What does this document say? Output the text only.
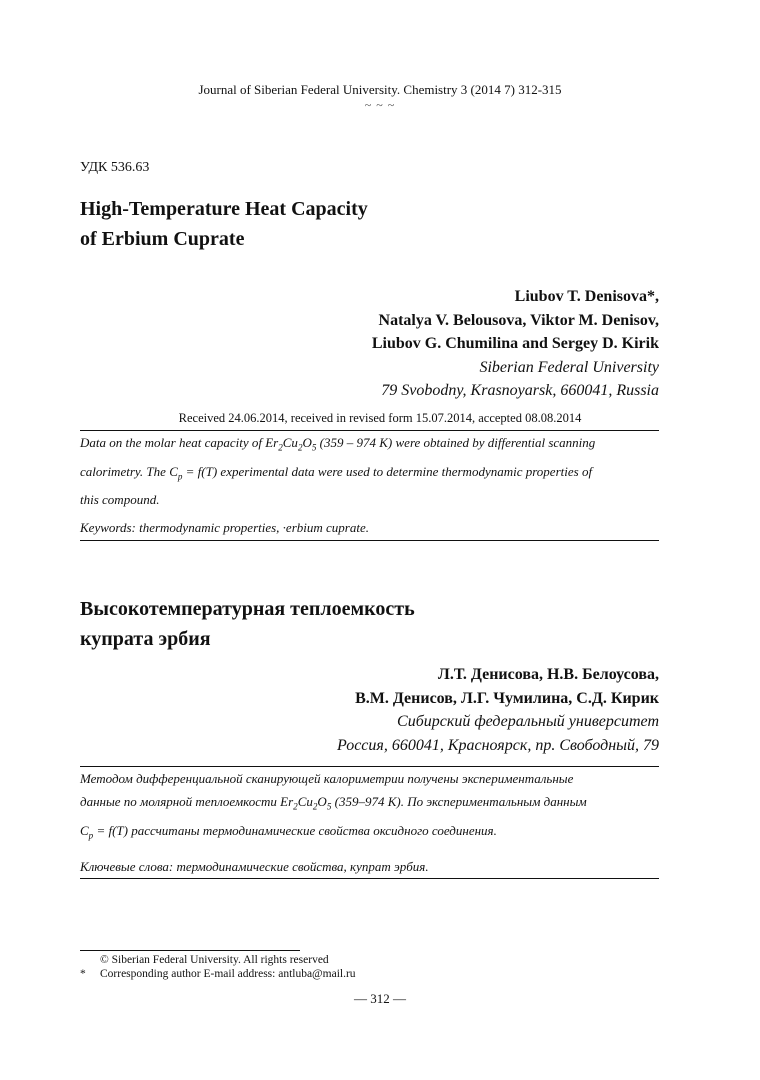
Journal of Siberian Federal University. Chemistry 3 (2014 7) 312-315
~ ~ ~
УДК 536.63
High-Temperature Heat Capacity
of Erbium Cuprate
Liubov T. Denisova*,
Natalya V. Belousova, Viktor M. Denisov,
Liubov G. Chumilina and Sergey D. Kirik
Siberian Federal University
79 Svobodny, Krasnoyarsk, 660041, Russia
Received 24.06.2014, received in revised form 15.07.2014, accepted 08.08.2014
Data on the molar heat capacity of $Er_2Cu_2O_5$ (359 – 974 K) were obtained by differential scanning
calorimetry. The $C_p = f(T)$ experimental data were used to determine thermodynamic properties of
this compound.
Keywords: thermodynamic properties, ·erbium cuprate.
Высокотемпературная теплоемкость
купрата эрбия
Л.Т. Денисова, Н.В. Белоусова,
В.М. Денисов, Л.Г. Чумилина, С.Д. Кирик
Сибирский федеральный университет
Россия, 660041, Красноярск, пр. Свободный, 79
Методом дифференциальной сканирующей калориметрии получены экспериментальные
данные по молярной теплоемкости $Er_2Cu_2O_5$ (359–974 K). По экспериментальным данным
$C_p = f(T)$ рассчитаны термодинамические свойства оксидного соединения.
Ключевые слова: термодинамические свойства, купрат эрбия.
© Siberian Federal University. All rights reserved
* Corresponding author E-mail address: antluba@mail.ru
— 312 —
